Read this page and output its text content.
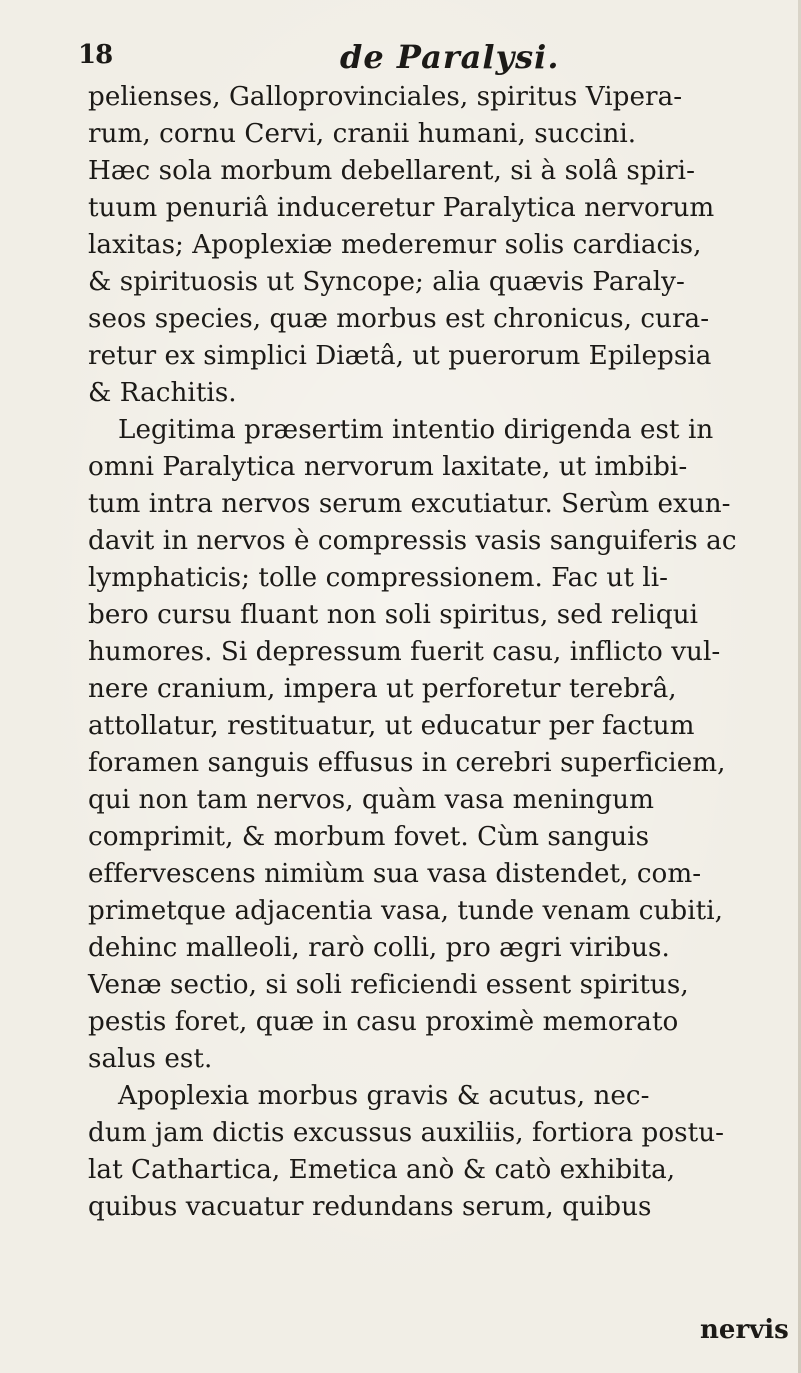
18	de Paralysi.
pelienses, Galloprovinciales, spiritus Vipera-
rum, cornu Cervi, cranii humani, succini.
Hæc sola morbum debellarent, si à solâ spiri-
tuum penuriâ induceretur Paralytica nervorum
laxitas; Apoplexiæ mederemur solis cardiacis,
& spirituosis ut Syncope; alia quævis Paraly-
seos species, quæ morbus est chronicus, cura-
retur ex simplici Diætâ, ut puerorum Epilepsia
& Rachitis.
Legitima præsertim intentio dirigenda est in
omni Paralytica nervorum laxitate, ut imbibi-
tum intra nervos serum excutiatur. Serùm exun-
davit in nervos è compressis vasis sanguiferis ac
lymphaticis; tolle compressionem. Fac ut li-
bero cursu fluant non soli spiritus, sed reliqui
humores. Si depressum fuerit casu, inflicto vul-
nere cranium, impera ut perforetur terebrâ,
attollatur, restituatur, ut educatur per factum
foramen sanguis effusus in cerebri superficiem,
qui non tam nervos, quàm vasa meningum
comprimit, & morbum fovet. Cùm sanguis
effervescens nimiùm sua vasa distendet, com-
primetque adjacentia vasa, tunde venam cubiti,
dehinc malleoli, rarò colli, pro ægri viribus.
Venæ sectio, si soli reficiendi essent spiritus,
pestis foret, quæ in casu proximè memorato
salus est.
Apoplexia morbus gravis & acutus, nec-
dum jam dictis excussus auxiliis, fortiora postu-
lat Cathartica, Emetica anò & catò exhibita,
quibus vacuatur redundans serum, quibus
nervis
